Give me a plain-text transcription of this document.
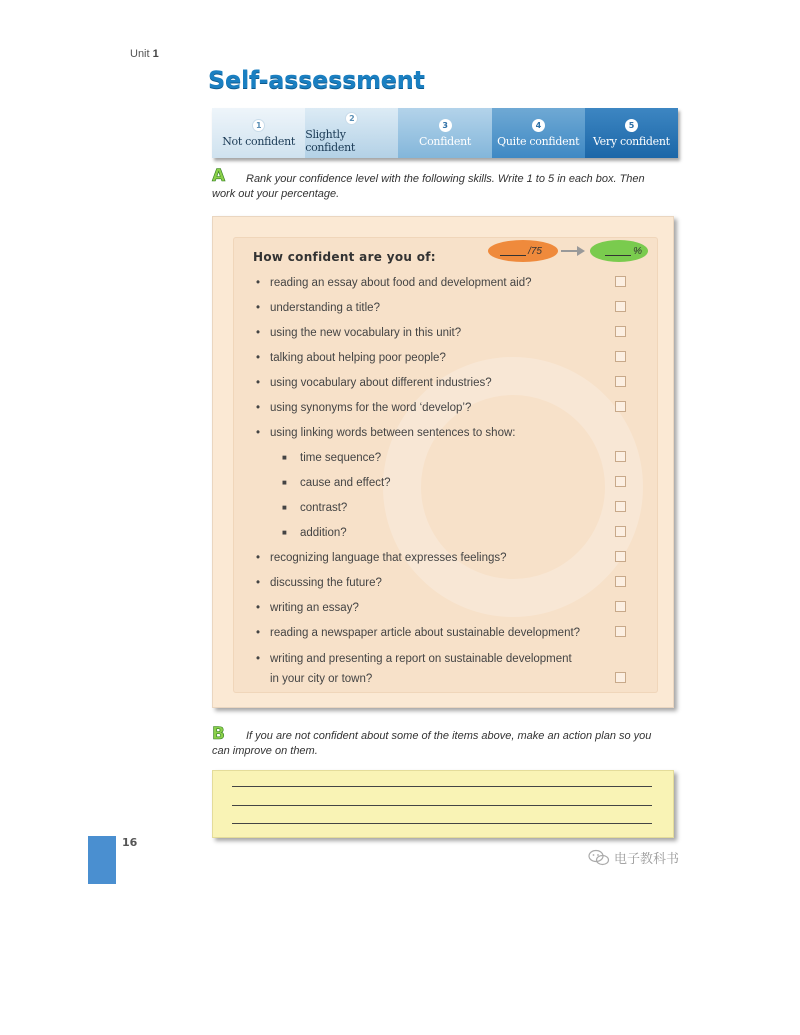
Unit 1
Self-assessment
1
Not confident
2
Slightly confident
3
Confident
4
Quite confident
5
Very confident
A Rank your confidence level with the following skills. Write 1 to 5 in each box. Then
work out your percentage.
How confident are you of:	/75	%
• reading an essay about food and development aid?
• understanding a title?
• using the new vocabulary in this unit?
• talking about helping poor people?
• using vocabulary about different industries?
• using synonyms for the word ‘develop’?
• using linking words between sentences to show:
■ time sequence?
■ cause and effect?
■ contrast?
■ addition?
• recognizing language that expresses feelings?
• discussing the future?
• writing an essay?
• reading a newspaper article about sustainable development?
• writing and presenting a report on sustainable development
in your city or town?
B If you are not confident about some of the items above, make an action plan so you
can improve on them.
16
电子教科书
